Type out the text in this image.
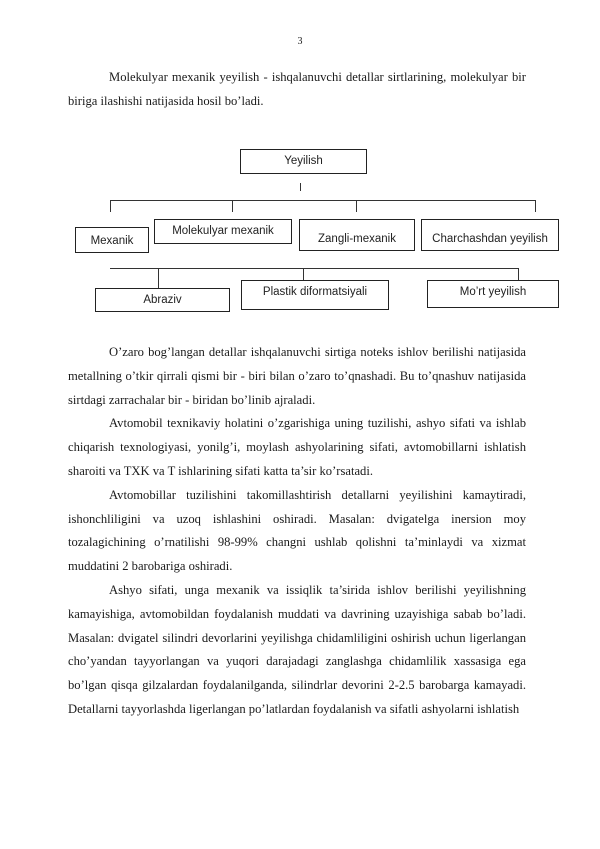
3
Molekulyar mexanik yeyilish - ishqalanuvchi detallar sirtlarining, molekulyar bir biriga ilashishi natijasida hosil bo’ladi.
Yeyilish
Mexanik
Molekulyar mexanik
Zangli-mexanik	Charchashdan yeyilish
Abraziv
Plastik diformatsiyali	Mo’rt yeyilish
O’zaro bog’langan detallar ishqalanuvchi sirtiga noteks ishlov berilishi natijasida metallning o’tkir qirrali qismi bir - biri bilan o’zaro to’qnashadi. Bu to’qnashuv natijasida sirtdagi zarrachalar bir - biridan bo’linib ajraladi.
Avtomobil texnikaviy holatini o’zgarishiga uning tuzilishi, ashyo sifati va ishlab chiqarish texnologiyasi, yonilg’i, moylash ashyolarining sifati, avtomobillarni ishlatish sharoiti va TXK va T ishlarining sifati katta ta’sir ko’rsatadi.
Avtomobillar tuzilishini takomillashtirish detallarni yeyilishini kamaytiradi, ishonchliligini va uzoq ishlashini oshiradi. Masalan: dvigatelga inersion moy tozalagichining o’rnatilishi 98-99% changni ushlab qolishni ta’minlaydi va xizmat muddatini 2 barobariga oshiradi.
Ashyo sifati, unga mexanik va issiqlik ta’sirida ishlov berilishi yeyilishning kamayishiga, avtomobildan foydalanish muddati va davrining uzayishiga sabab bo’ladi. Masalan: dvigatel silindri devorlarini yeyilishga chidamliligini oshirish uchun ligerlangan cho’yandan tayyorlangan va yuqori darajadagi zanglashga chidamlilik xassasiga ega bo’lgan qisqa gilzalardan foydalanilganda, silindrlar devorini 2-2.5 barobarga kamayadi. Detallarni tayyorlashda ligerlangan po’latlardan foydalanish va sifatli ashyolarni ishlatish
